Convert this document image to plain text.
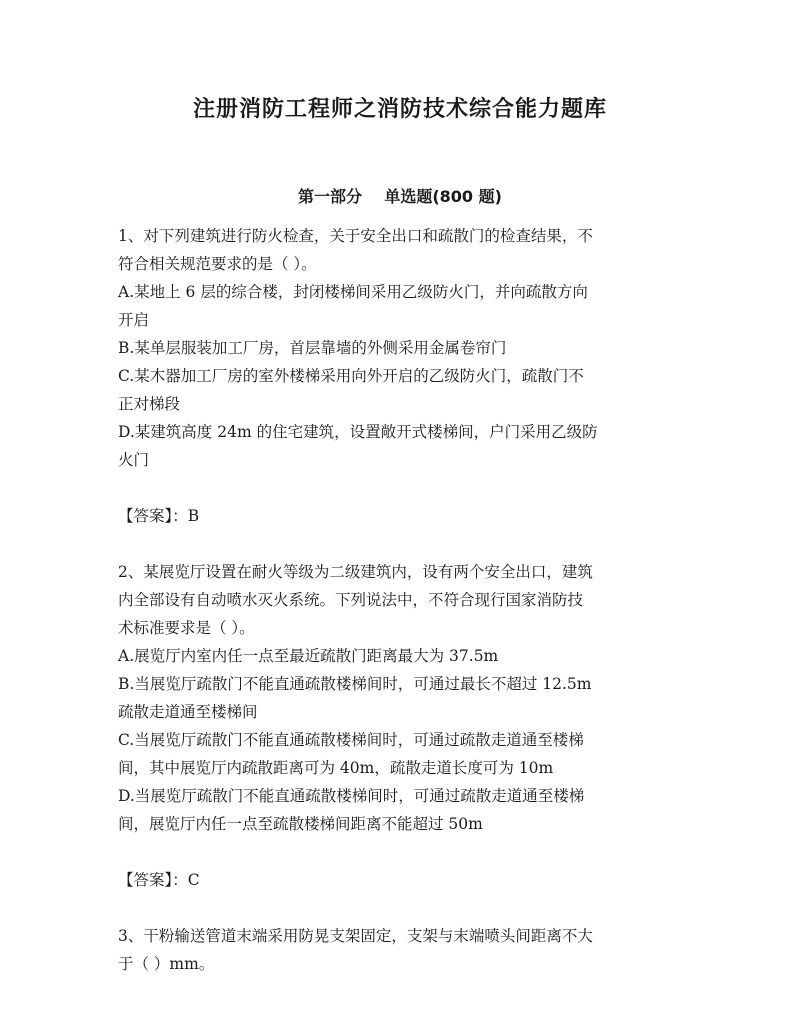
注册消防工程师之消防技术综合能力题库
第一部分    单选题(800 题)

1、对下列建筑进行防火检查，关于安全出口和疏散门的检查结果，不

符合相关规范要求的是（ ）。

A.某地上 6 层的综合楼，封闭楼梯间采用乙级防火门，并向疏散方向

开启

B.某单层服装加工厂房，首层靠墙的外侧采用金属卷帘门

C.某木器加工厂房的室外楼梯采用向外开启的乙级防火门，疏散门不

正对梯段

D.某建筑高度 24m 的住宅建筑，设置敞开式楼梯间，户门采用乙级防

火门

【答案】：B

2、某展览厅设置在耐火等级为二级建筑内，设有两个安全出口，建筑

内全部设有自动喷水灭火系统。下列说法中，不符合现行国家消防技

术标准要求是（ ）。

A.展览厅内室内任一点至最近疏散门距离最大为 37.5m

B.当展览厅疏散门不能直通疏散楼梯间时，可通过最长不超过 12.5m

疏散走道通至楼梯间

C.当展览厅疏散门不能直通疏散楼梯间时，可通过疏散走道通至楼梯

间，其中展览厅内疏散距离可为 40m，疏散走道长度可为 10m

D.当展览厅疏散门不能直通疏散楼梯间时，可通过疏散走道通至楼梯

间，展览厅内任一点至疏散楼梯间距离不能超过 50m

【答案】：C

3、干粉输送管道末端采用防晃支架固定，支架与末端喷头间距离不大

于（ ）mm。
